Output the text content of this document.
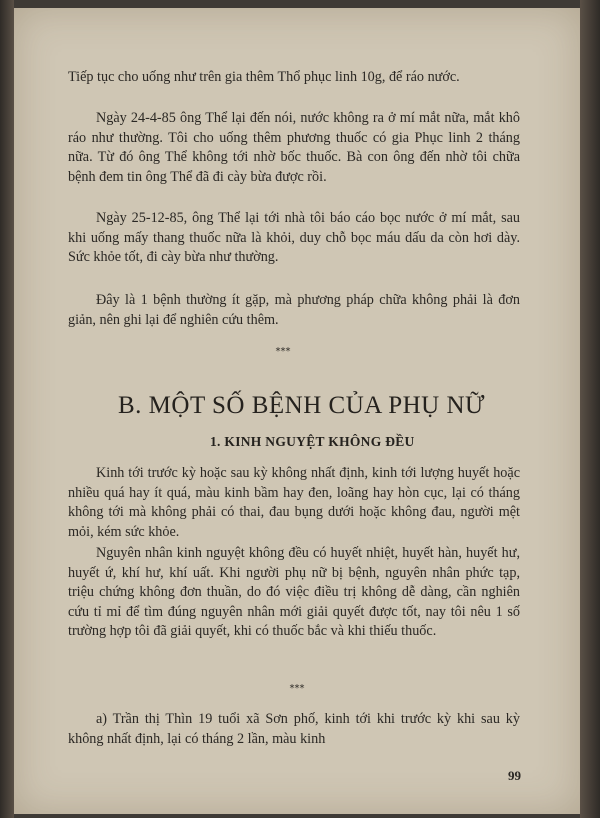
Tiếp tục cho uống như trên gia thêm Thổ phục linh 10g, để ráo nước.

Ngày 24-4-85 ông Thể lại đến nói, nước không ra ở mí mắt nữa, mắt khô ráo như thường. Tôi cho uống thêm phương thuốc có gia Phục linh 2 tháng nữa. Từ đó ông Thể không tới nhờ bốc thuốc. Bà con ông đến nhờ tôi chữa bệnh đem tin ông Thể đã đi cày bừa được rồi.

Ngày 25-12-85, ông Thể lại tới nhà tôi báo cáo bọc nước ở mí mắt, sau khi uống mấy thang thuốc nữa là khỏi, duy chỗ bọc máu dấu da còn hơi dày. Sức khỏe tốt, đi cày bừa như thường.

Đây là 1 bệnh thường ít gặp, mà phương pháp chữa không phải là đơn giản, nên ghi lại để nghiên cứu thêm.

⁎⁎⁎
B. MỘT SỐ BỆNH CỦA PHỤ NỮ
1. KINH NGUYỆT KHÔNG ĐỀU

Kinh tới trước kỳ hoặc sau kỳ không nhất định, kinh tới lượng huyết hoặc nhiều quá hay ít quá, màu kinh bầm hay đen, loãng hay hòn cục, lại có tháng không tới mà không phải có thai, đau bụng dưới hoặc không đau, người mệt mỏi, kém sức khỏe.

Nguyên nhân kinh nguyệt không đều có huyết nhiệt, huyết hàn, huyết hư, huyết ứ, khí hư, khí uất. Khi người phụ nữ bị bệnh, nguyên nhân phức tạp, triệu chứng không đơn thuần, do đó việc điều trị không dễ dàng, cần nghiên cứu tỉ mỉ để tìm đúng nguyên nhân mới giải quyết được tốt, nay tôi nêu 1 số trường hợp tôi đã giải quyết, khi có thuốc bắc và khi thiếu thuốc.

⁎⁎⁎

a) Trần thị Thìn 19 tuổi xã Sơn phố, kinh tới khi trước kỳ khi sau kỳ không nhất định, lại có tháng 2 lần, màu kinh

99
